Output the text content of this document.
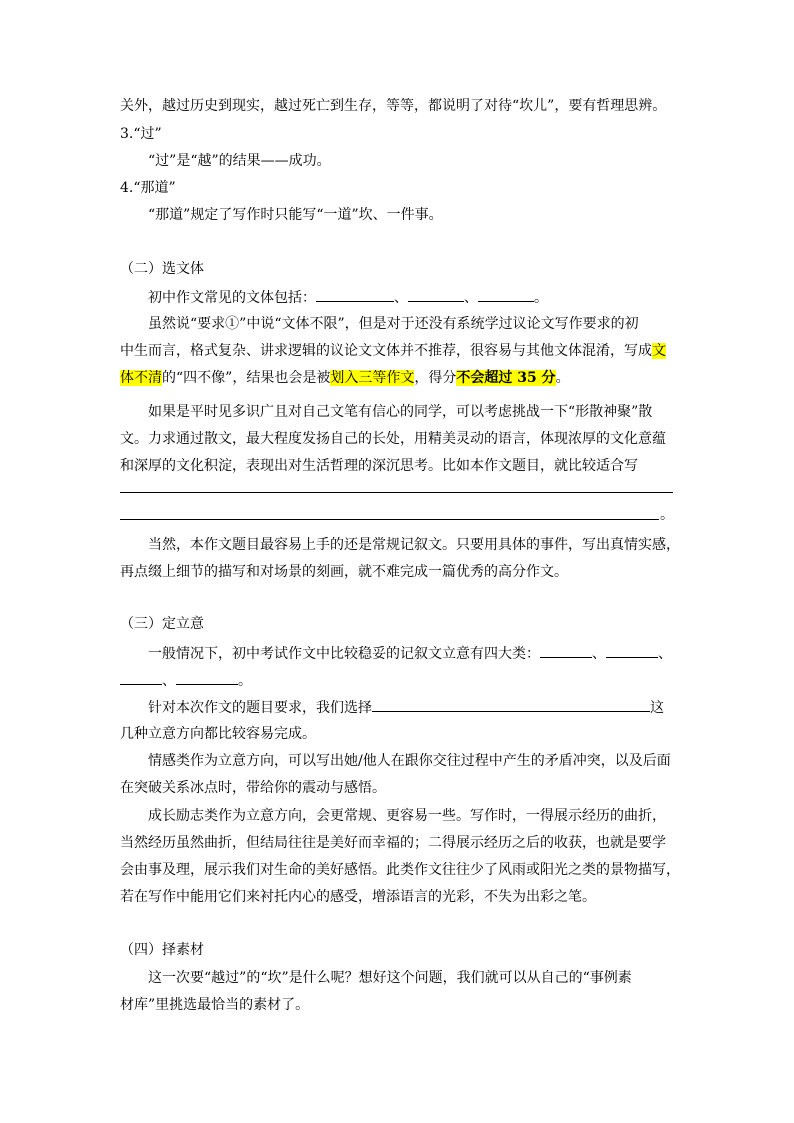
关外，越过历史到现实，越过死亡到生存，等等，都说明了对待“坎儿”，要有哲理思辨。
3.“过”
“过”是“越”的结果——成功。
4.“那道”
“那道”规定了写作时只能写“一道”坎、一件事。
（二）选文体
初中作文常见的文体包括：	、	、	。
虽然说“要求①”中说“文体不限”，但是对于还没有系统学过议论文写作要求的初
中生而言，格式复杂、讲求逻辑的议论文文体并不推荐，很容易与其他文体混淆，写成文
体不清的“四不像”，结果也会是被划入三等作文，得分不会超过 35 分。
如果是平时见多识广且对自己文笔有信心的同学，可以考虑挑战一下“形散神聚”散
文。力求通过散文，最大程度发扬自己的长处，用精美灵动的语言，体现浓厚的文化意蕴
和深厚的文化积淀，表现出对生活哲理的深沉思考。比如本作文题目，就比较适合写
。
当然，本作文题目最容易上手的还是常规记叙文。只要用具体的事件，写出真情实感，
再点缀上细节的描写和对场景的刻画，就不难完成一篇优秀的高分作文。
（三）定立意
一般情况下，初中考试作文中比较稳妥的记叙文立意有四大类：	、	、
、	。
针对本次作文的题目要求，我们选择	这
几种立意方向都比较容易完成。
情感类作为立意方向，可以写出她/他人在跟你交往过程中产生的矛盾冲突，以及后面
在突破关系冰点时，带给你的震动与感悟。
成长励志类作为立意方向，会更常规、更容易一些。写作时，一得展示经历的曲折，
当然经历虽然曲折，但结局往往是美好而幸福的；二得展示经历之后的收获，也就是要学
会由事及理，展示我们对生命的美好感悟。此类作文往往少了风雨或阳光之类的景物描写，
若在写作中能用它们来衬托内心的感受，增添语言的光彩，不失为出彩之笔。
（四）择素材
这一次要“越过”的“坎”是什么呢？想好这个问题，我们就可以从自己的“事例素
材库”里挑选最恰当的素材了。
